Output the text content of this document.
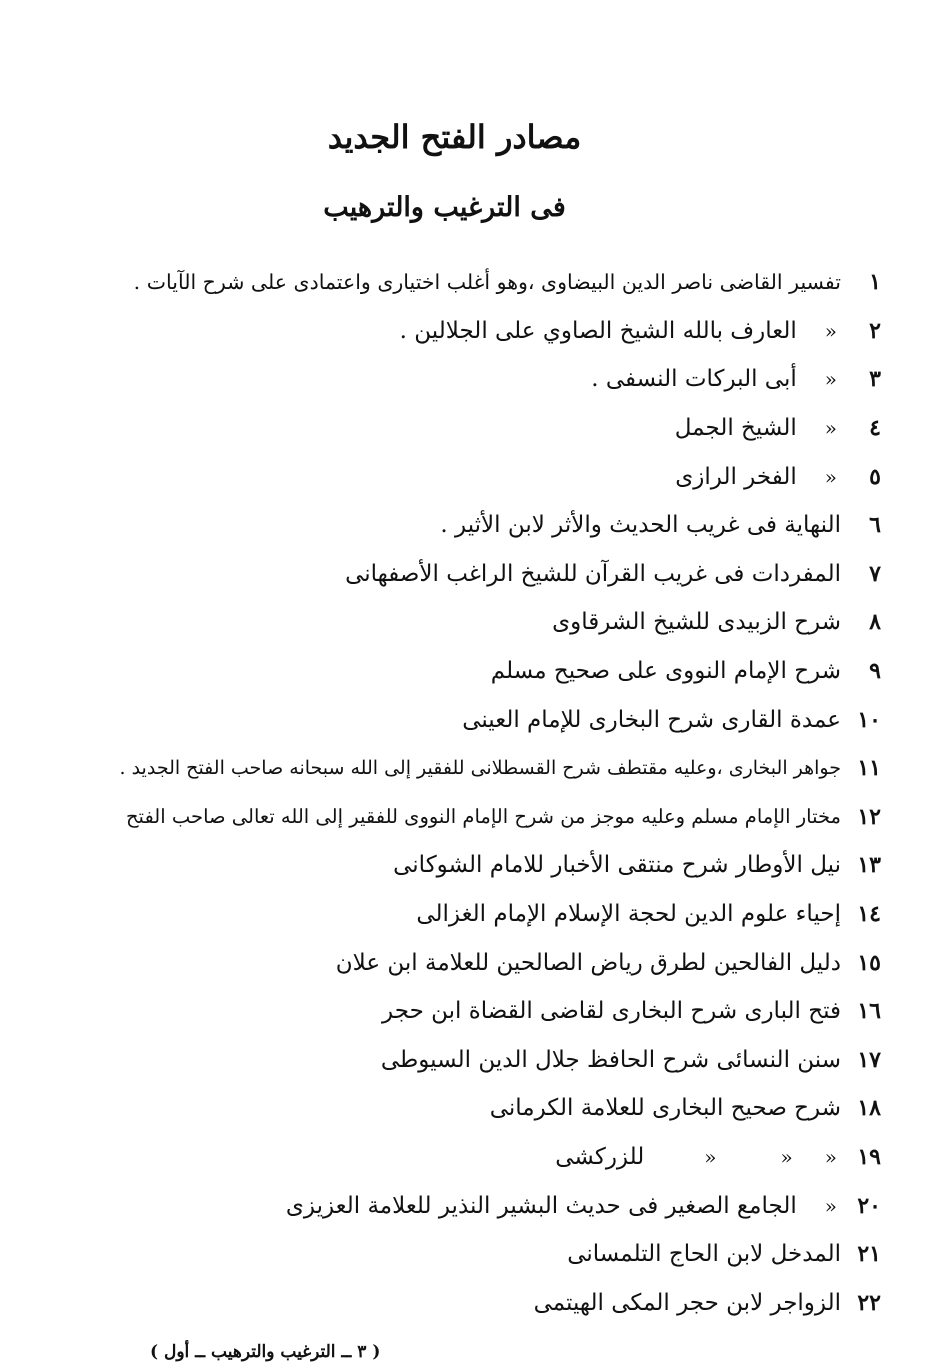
مصادر الفتح الجديد
فى الترغيب والترهيب
١
تفسير القاضى ناصر الدين البيضاوى ،وهو أغلب اختيارى واعتمادى على شرح الآيات .
٢
«
العارف بالله الشيخ الصاوي على الجلالين .
٣
«
أبى البركات النسفى .
٤
«
الشيخ الجمل
٥
«
الفخر الرازى
٦
النهاية فى غريب الحديث والأثر لابن الأثير .
٧
المفردات فى غريب القرآن للشيخ الراغب الأصفهانى
٨
شرح الزبيدى للشيخ الشرقاوى
٩
شرح الإمام النووى على صحيح مسلم
١٠
عمدة القارى شرح البخارى للإمام العينى
١١
جواهر البخارى ،وعليه مقتطف شرح القسطلانى للفقير إلى الله سبحانه صاحب الفتح الجديد .
١٢
مختار الإمام مسلم وعليه موجز من شرح الإمام النووى للفقير إلى الله تعالى صاحب الفتح
١٣
نيل الأوطار شرح منتقى الأخبار للامام الشوكانى
١٤
إحياء علوم الدين لحجة الإسلام الإمام الغزالى
١٥
دليل الفالحين لطرق رياض الصالحين للعلامة ابن علان
١٦
فتح البارى شرح البخارى لقاضى القضاة ابن حجر
١٧
سنن النسائى شرح الحافظ جلال الدين السيوطى
١٨
شرح صحيح البخارى للعلامة الكرمانى
١٩
«
«
«
للزركشى
٢٠
«
الجامع الصغير فى حديث البشير النذير للعلامة العزيزى
٢١
المدخل لابن الحاج التلمسانى
٢٢
الزواجر لابن حجر المكى الهيتمى
( ٣ ــ الترغيب والترهيب ــ أول )
